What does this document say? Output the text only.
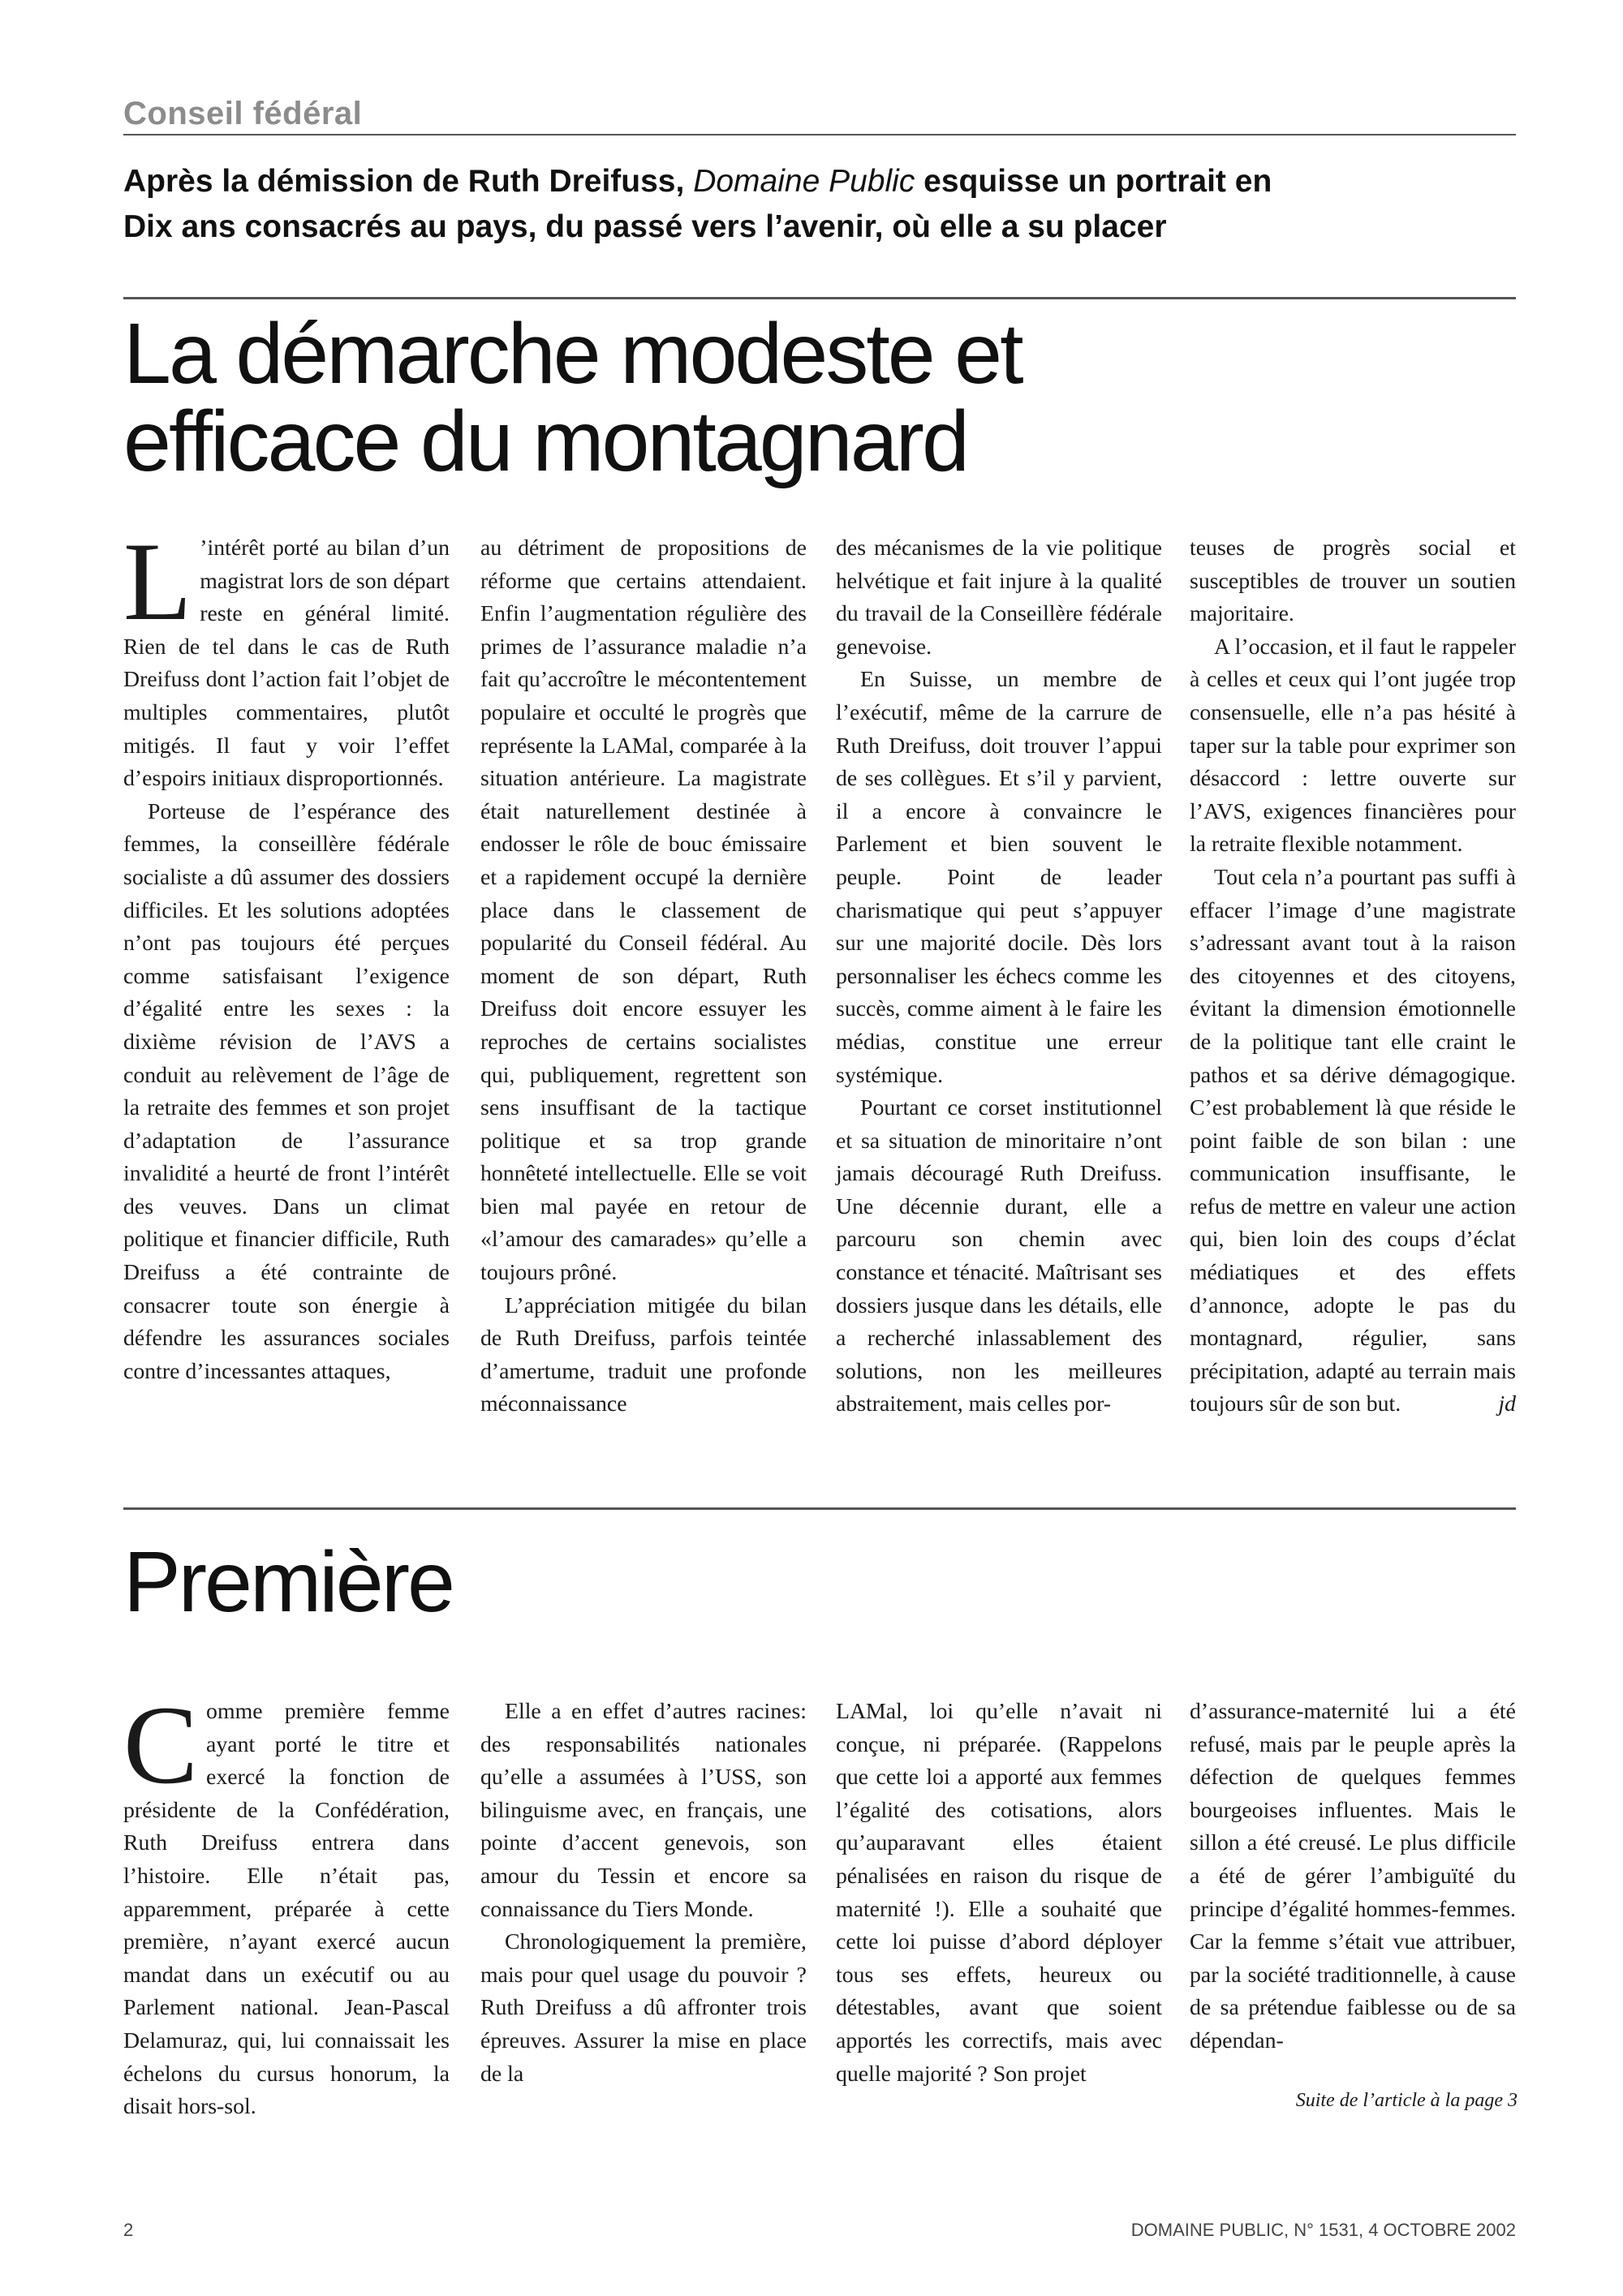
Conseil fédéral
Après la démission de Ruth Dreifuss, Domaine Public esquisse un portrait en
Dix ans consacrés au pays, du passé vers l’avenir, où elle a su placer
La démarche modeste et
efficace du montagnard

L ’intérêt porté au bilan d’un magistrat lors de son départ reste en général limité. Rien de tel dans le cas de Ruth Dreifuss dont l’action fait l’objet de multiples commentaires, plutôt mitigés. Il faut y voir l’effet d’espoirs initiaux disproportionnés.

Porteuse de l’espérance des femmes, la conseillère fédérale socialiste a dû assumer des dossiers difficiles. Et les solutions adoptées n’ont pas toujours été perçues comme satisfaisant l’exigence d’égalité entre les sexes : la dixième révision de l’AVS a conduit au relèvement de l’âge de la retraite des femmes et son projet d’adaptation de l’assurance invalidité a heurté de front l’intérêt des veuves. Dans un climat politique et financier difficile, Ruth Dreifuss a été contrainte de consacrer toute son énergie à défendre les assurances sociales contre d’incessantes attaques,

au détriment de propositions de réforme que certains attendaient. Enfin l’augmentation régulière des primes de l’assurance maladie n’a fait qu’accroître le mécontentement populaire et occulté le progrès que représente la LAMal, comparée à la situation antérieure. La magistrate était naturellement destinée à endosser le rôle de bouc émissaire et a rapidement occupé la dernière place dans le classement de popularité du Conseil fédéral. Au moment de son départ, Ruth Dreifuss doit encore essuyer les reproches de certains socialistes qui, publiquement, regrettent son sens insuffisant de la tactique politique et sa trop grande honnêteté intellectuelle. Elle se voit bien mal payée en retour de «l’amour des camarades» qu’elle a toujours prôné.

L’appréciation mitigée du bilan de Ruth Dreifuss, parfois teintée d’amertume, traduit une profonde méconnaissance

des mécanismes de la vie politique helvétique et fait injure à la qualité du travail de la Conseillère fédérale genevoise.

En Suisse, un membre de l’exécutif, même de la carrure de Ruth Dreifuss, doit trouver l’appui de ses collègues. Et s’il y parvient, il a encore à convaincre le Parlement et bien souvent le peuple. Point de leader charismatique qui peut s’appuyer sur une majorité docile. Dès lors personnaliser les échecs comme les succès, comme aiment à le faire les médias, constitue une erreur systémique.

Pourtant ce corset institutionnel et sa situation de minoritaire n’ont jamais découragé Ruth Dreifuss. Une décennie durant, elle a parcouru son chemin avec constance et ténacité. Maîtrisant ses dossiers jusque dans les détails, elle a recherché inlassablement des solutions, non les meilleures abstraitement, mais celles por-

teuses de progrès social et susceptibles de trouver un soutien majoritaire.

A l’occasion, et il faut le rappeler à celles et ceux qui l’ont jugée trop consensuelle, elle n’a pas hésité à taper sur la table pour exprimer son désaccord : lettre ouverte sur l’AVS, exigences financières pour la retraite flexible notamment.

Tout cela n’a pourtant pas suffi à effacer l’image d’une magistrate s’adressant avant tout à la raison des citoyennes et des citoyens, évitant la dimension émotionnelle de la politique tant elle craint le pathos et sa dérive démagogique. C’est probablement là que réside le point faible de son bilan : une communication insuffisante, le refus de mettre en valeur une action qui, bien loin des coups d’éclat médiatiques et des effets d’annonce, adopte le pas du montagnard, régulier, sans précipitation, adapté au terrain mais toujours sûr de son but.	jd

Première

Comme première femme ayant porté le titre et exercé la fonction de présidente de la Confédération, Ruth Dreifuss entrera dans l’histoire. Elle n’était pas, apparemment, préparée à cette première, n’ayant exercé aucun mandat dans un exécutif ou au Parlement national. Jean-Pascal Delamuraz, qui, lui connaissait les échelons du cursus honorum, la disait hors-sol.

Elle a en effet d’autres racines: des responsabilités nationales qu’elle a assumées à l’USS, son bilinguisme avec, en français, une pointe d’accent genevois, son amour du Tessin et encore sa connaissance du Tiers Monde.

Chronologiquement la première, mais pour quel usage du pouvoir ? Ruth Dreifuss a dû affronter trois épreuves. Assurer la mise en place de la

LAMal, loi qu’elle n’avait ni conçue, ni préparée. (Rappelons que cette loi a apporté aux femmes l’égalité des cotisations, alors qu’auparavant elles étaient pénalisées en raison du risque de maternité !). Elle a souhaité que cette loi puisse d’abord déployer tous ses effets, heureux ou détestables, avant que soient apportés les correctifs, mais avec quelle majorité ? Son projet

d’assurance-maternité lui a été refusé, mais par le peuple après la défection de quelques femmes bourgeoises influentes. Mais le sillon a été creusé. Le plus difficile a été de gérer l’ambiguïté du principe d’égalité hommes-femmes. Car la femme s’était vue attribuer, par la société traditionnelle, à cause de sa prétendue faiblesse ou de sa dépendan-

Suite de l’article à la page 3
2	DOMAINE PUBLIC, N° 1531, 4 OCTOBRE 2002
